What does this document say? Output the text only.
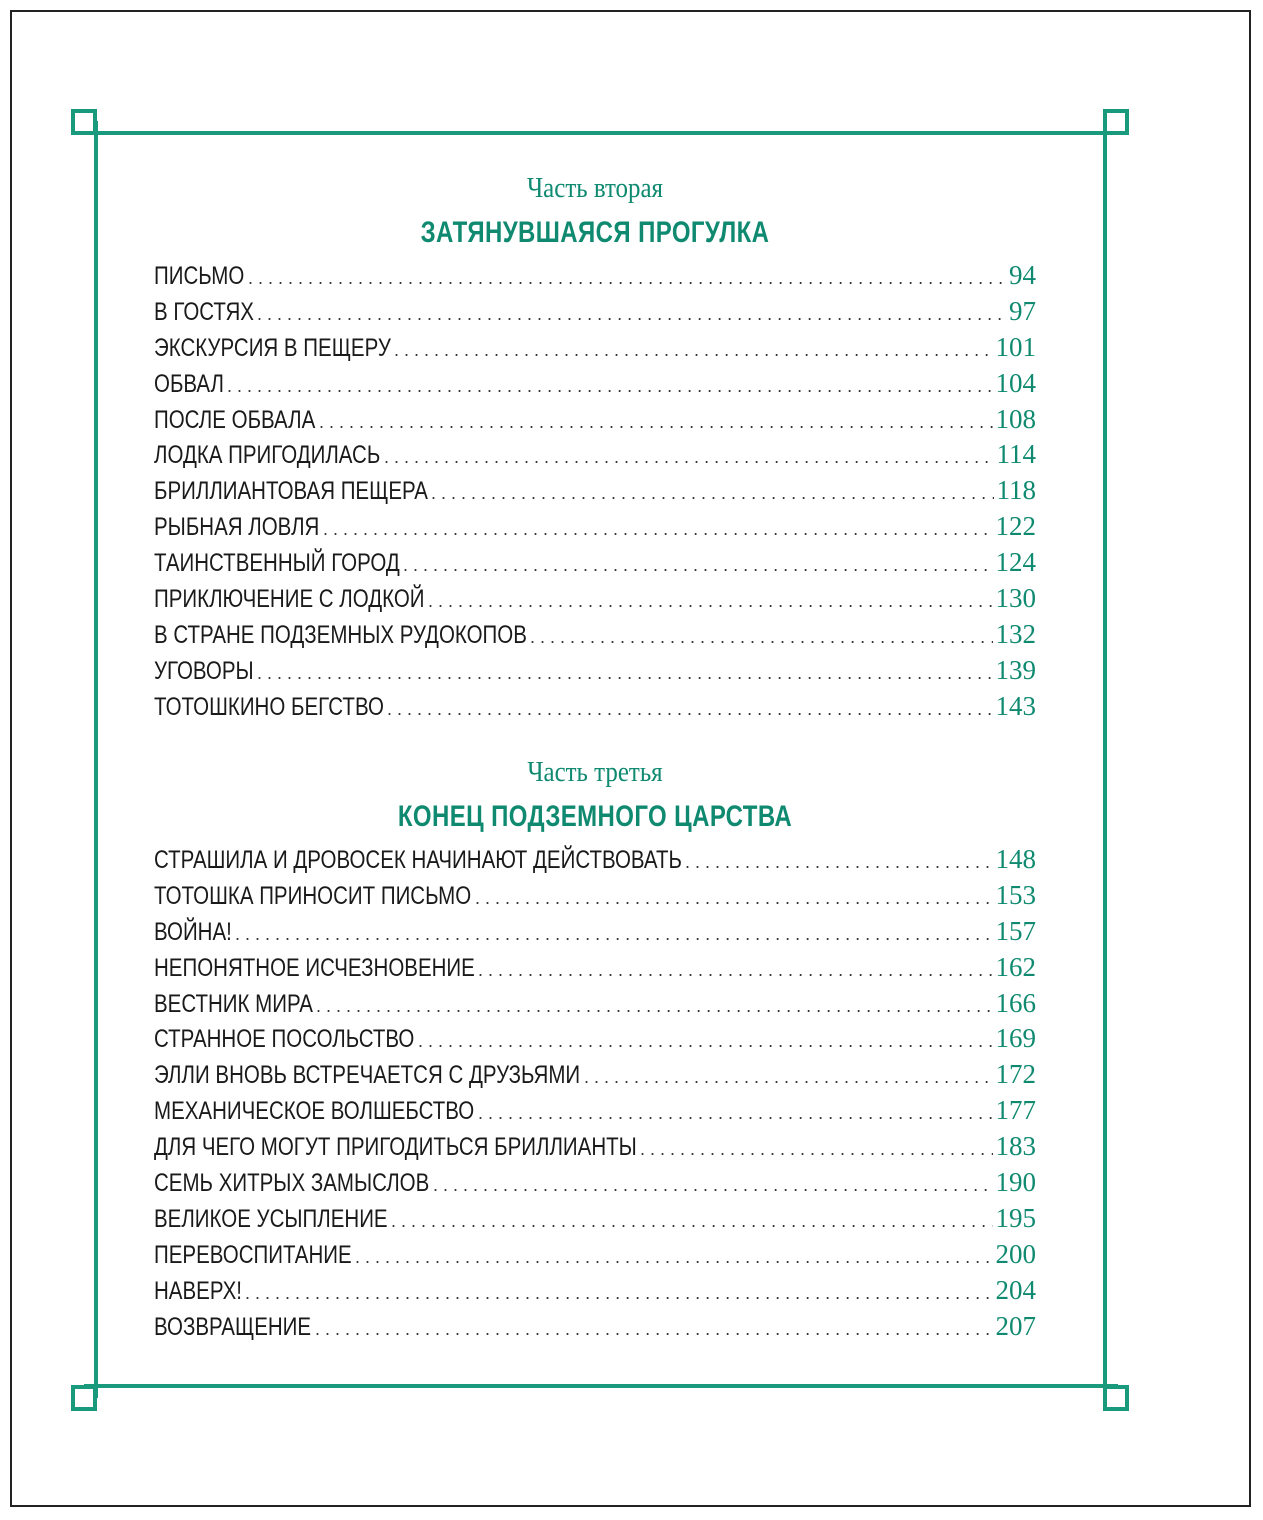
Часть вторая
ЗАТЯНУВШАЯСЯ ПРОГУЛКА
ПИСЬМО . . .	94
В ГОСТЯХ . . .	97
ЭКСКУРСИЯ В ПЕЩЕРУ . . .	101
ОБВАЛ . . .	104
ПОСЛЕ ОБВАЛА . . .	108
ЛОДКА ПРИГОДИЛАСЬ . . .	114
БРИЛЛИАНТОВАЯ ПЕЩЕРА . . .	118
РЫБНАЯ ЛОВЛЯ . . .	122
ТАИНСТВЕННЫЙ ГОРОД . . .	124
ПРИКЛЮЧЕНИЕ С ЛОДКОЙ . . .	130
В СТРАНЕ ПОДЗЕМНЫХ РУДОКОПОВ . . .	132
УГОВОРЫ . . .	139
ТОТОШКИНО БЕГСТВО . . .	143
Часть третья
КОНЕЦ ПОДЗЕМНОГО ЦАРСТВА
СТРАШИЛА И ДРОВОСЕК НАЧИНАЮТ ДЕЙСТВОВАТЬ . . .	148
ТОТОШКА ПРИНОСИТ ПИСЬМО . . .	153
ВОЙНА! . . .	157
НЕПОНЯТНОЕ ИСЧЕЗНОВЕНИЕ . . .	162
ВЕСТНИК МИРА . . .	166
СТРАННОЕ ПОСОЛЬСТВО . . .	169
ЭЛЛИ ВНОВЬ ВСТРЕЧАЕТСЯ С ДРУЗЬЯМИ . . .	172
МЕХАНИЧЕСКОЕ ВОЛШЕБСТВО . . .	177
ДЛЯ ЧЕГО МОГУТ ПРИГОДИТЬСЯ БРИЛЛИАНТЫ . . .	183
СЕМЬ ХИТРЫХ ЗАМЫСЛОВ . . .	190
ВЕЛИКОЕ УСЫПЛЕНИЕ . . .	195
ПЕРЕВОСПИТАНИЕ . . .	200
НАВЕРХ! . . .	204
ВОЗВРАЩЕНИЕ . . .	207
